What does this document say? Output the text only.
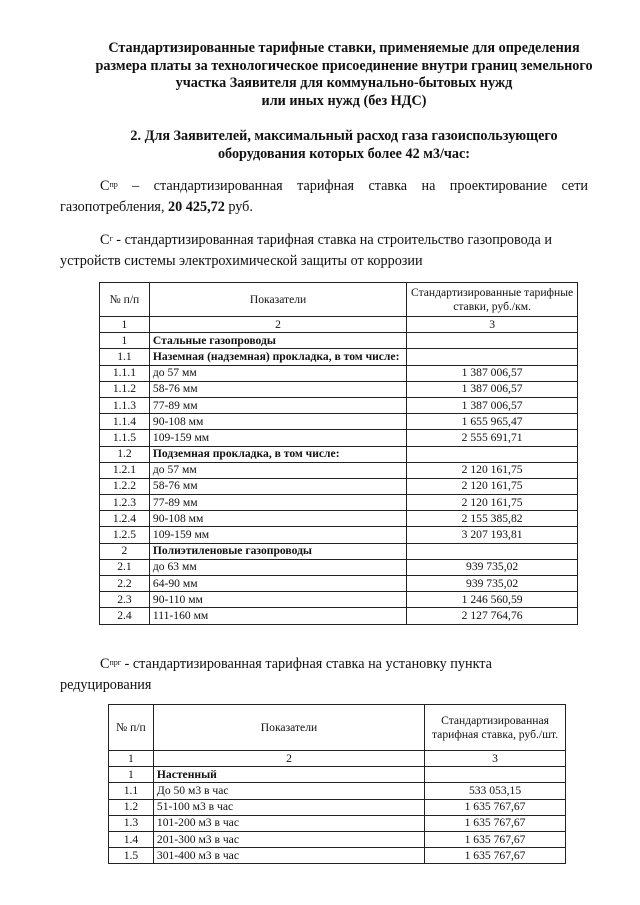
Стандартизированные тарифные ставки, применяемые для определения
размера платы за технологическое присоединение внутри границ земельного
участка Заявителя для коммунально-бытовых нужд
или иных нужд (без НДС)
2. Для Заявителей, максимальный расход газа газоиспользующего
оборудования которых более 42 м3/час:
$С^{пр}$ – стандартизированная тарифная ставка на проектирование сети
газопотребления, 20 425,72 руб.
$С^г$ - стандартизированная тарифная ставка на строительство газопровода и
устройств системы электрохимической защиты от коррозии
№ п/п	Показатели	Стандартизированные тарифные ставки, руб./км.
1	2	3
1	Стальные газопроводы	
1.1	Наземная (надземная) прокладка, в том числе:	
1.1.1	до 57 мм	1 387 006,57
1.1.2	58-76 мм	1 387 006,57
1.1.3	77-89 мм	1 387 006,57
1.1.4	90-108 мм	1 655 965,47
1.1.5	109-159 мм	2 555 691,71
1.2	Подземная прокладка, в том числе:	
1.2.1	до 57 мм	2 120 161,75
1.2.2	58-76 мм	2 120 161,75
1.2.3	77-89 мм	2 120 161,75
1.2.4	90-108 мм	2 155 385,82
1.2.5	109-159 мм	3 207 193,81
2	Полиэтиленовые газопроводы	
2.1	до 63 мм	939 735,02
2.2	64-90 мм	939 735,02
2.3	90-110 мм	1 246 560,59
2.4	111-160 мм	2 127 764,76
$С^{прг}$ - стандартизированная тарифная ставка на установку пункта
редуцирования
№ п/п	Показатели	Стандартизированная тарифная ставка, руб./шт.
1	2	3
1	Настенный	
1.1	До 50 м3 в час	533 053,15
1.2	51-100 м3 в час	1 635 767,67
1.3	101-200 м3 в час	1 635 767,67
1.4	201-300 м3 в час	1 635 767,67
1.5	301-400 м3 в час	1 635 767,67
